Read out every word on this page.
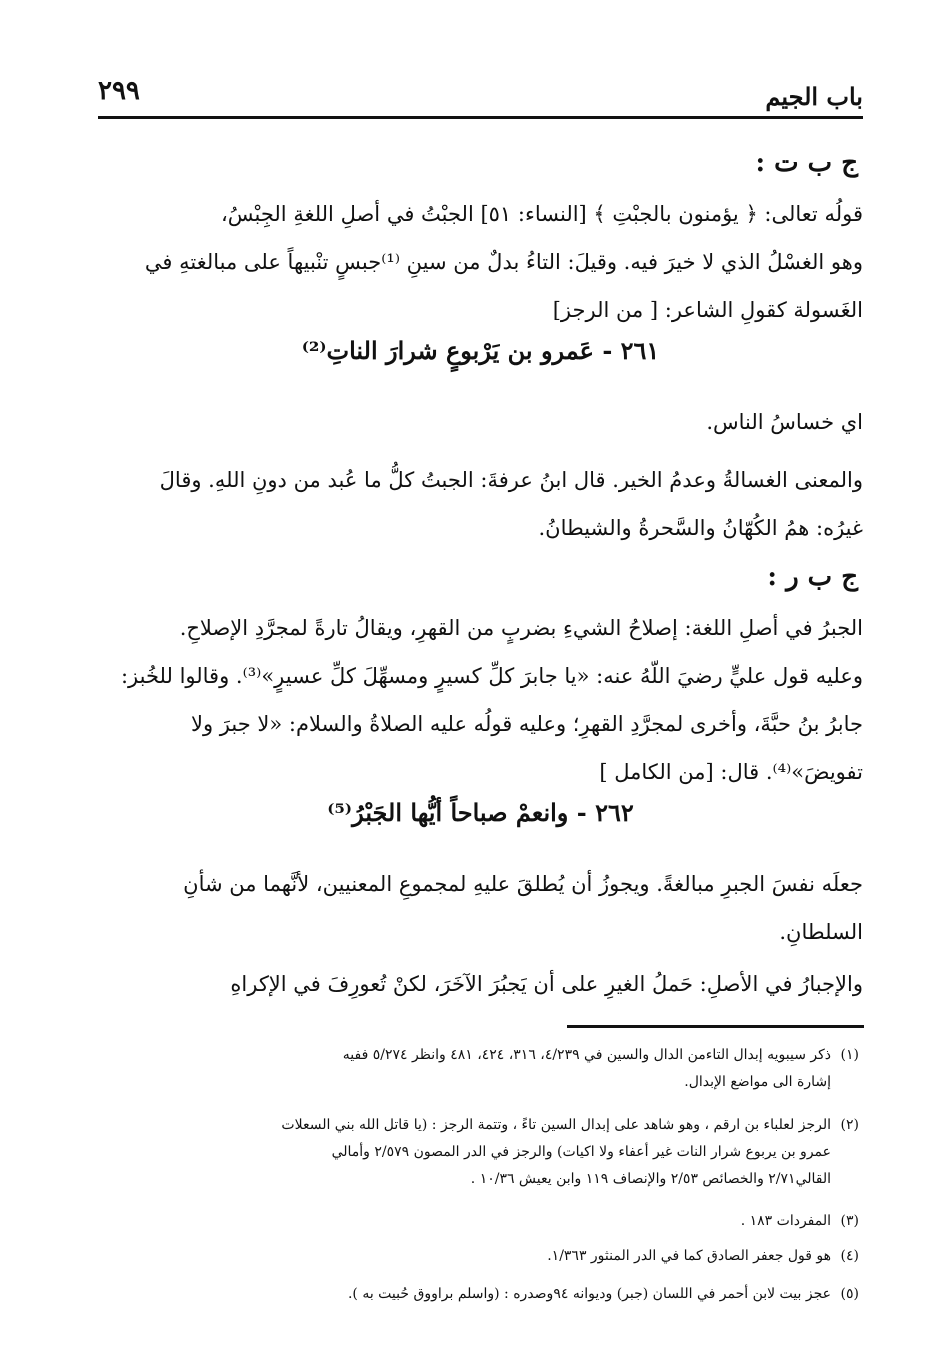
باب الجيم
٢٩٩
ج ب ت :
قولُه تعالى: ﴿ يؤمنون بالجبْتِ ﴾ [النساء: ٥١] الجبْتُ في أصلِ اللغةِ الجِبْسُ،
وهو الغسْلُ الذي لا خيرَ فيه. وقيلَ: التاءُ بدلٌ من سينِ ⁽¹⁾جبسٍ تنْبيهاً على مبالغتهِ في
الغَسولة كقولِ الشاعر: [ من الرجز]
٢٦١ - عَمرو بن يَرْبوعٍ شرارَ الناتِ⁽²⁾
اي خساسُ الناس.
والمعنى الغسالةُ وعدمُ الخير. قال ابنُ عرفةَ: الجبتُ كلُّ ما عُبد من دونِ اللهِ. وقالَ
غيرُه: همُ الكُهّانُ والسَّحرةُ والشيطانُ.
ج ب ر :
الجبرُ في أصلِ اللغة: إصلاحُ الشيءِ بضربٍ من القهرِ، ويقالُ تارةً لمجرَّدِ الإصلاحِ.
وعليه قول عليٍّ رضيَ اللّهُ عنه: «يا جابرَ كلِّ كسيرٍ ومسهِّلَ كلِّ عسيرٍ»⁽³⁾. وقالوا للخُبز:
جابرُ بنُ حبَّةَ، وأخرى لمجرَّدِ القهرِ؛ وعليه قولُه عليه الصلاةُ والسلام: «لا جبرَ ولا
تفويضَ»⁽⁴⁾. قال: [من الكامل ]
٢٦٢ - وانعمْ صباحاً أيُّها الجَبْرُ⁽⁵⁾
جعلَه نفسَ الجبرِ مبالغةً. ويجوزُ أن يُطلقَ عليهِ لمجموعِ المعنيين، لأنَّهما من شأنِ
السلطانِ.
والإجبارُ في الأصلِ: حَملُ الغيرِ على أن يَجبُرَ الآخَرَ، لكنْ تُعورِفَ في الإكراهِ
(١)ذكر سيبويه إبدال التاءمن الدال والسين في ٤/٢٣٩، ٣١٦، ٤٢٤، ٤٨١ وانظر ٥/٢٧٤ ففيه
إشارة الى مواضع الإبدال.
(٢)الرجز لعلباء بن ارقم ، وهو شاهد على إبدال السين تاءً ، وتتمة الرجز : (يا قاتل الله بني السعلات
عمرو بن يربوع شرار النات غير أعفاء ولا اكيات) والرجز في الدر المصون ٢/٥٧٩ وأمالي
القالي٢/٧١ والخصائص ٢/٥٣ والإنصاف ١١٩ وابن يعيش ١٠/٣٦ .
(٣)المفردات ١٨٣ .
(٤)هو قول جعفر الصادق كما في الدر المنثور ١/٣٦٣.
(٥)عجز بيت لابن أحمر في اللسان (جبر) وديوانه ٩٤وصدره : (واسلم براووق حُبيت به ).
